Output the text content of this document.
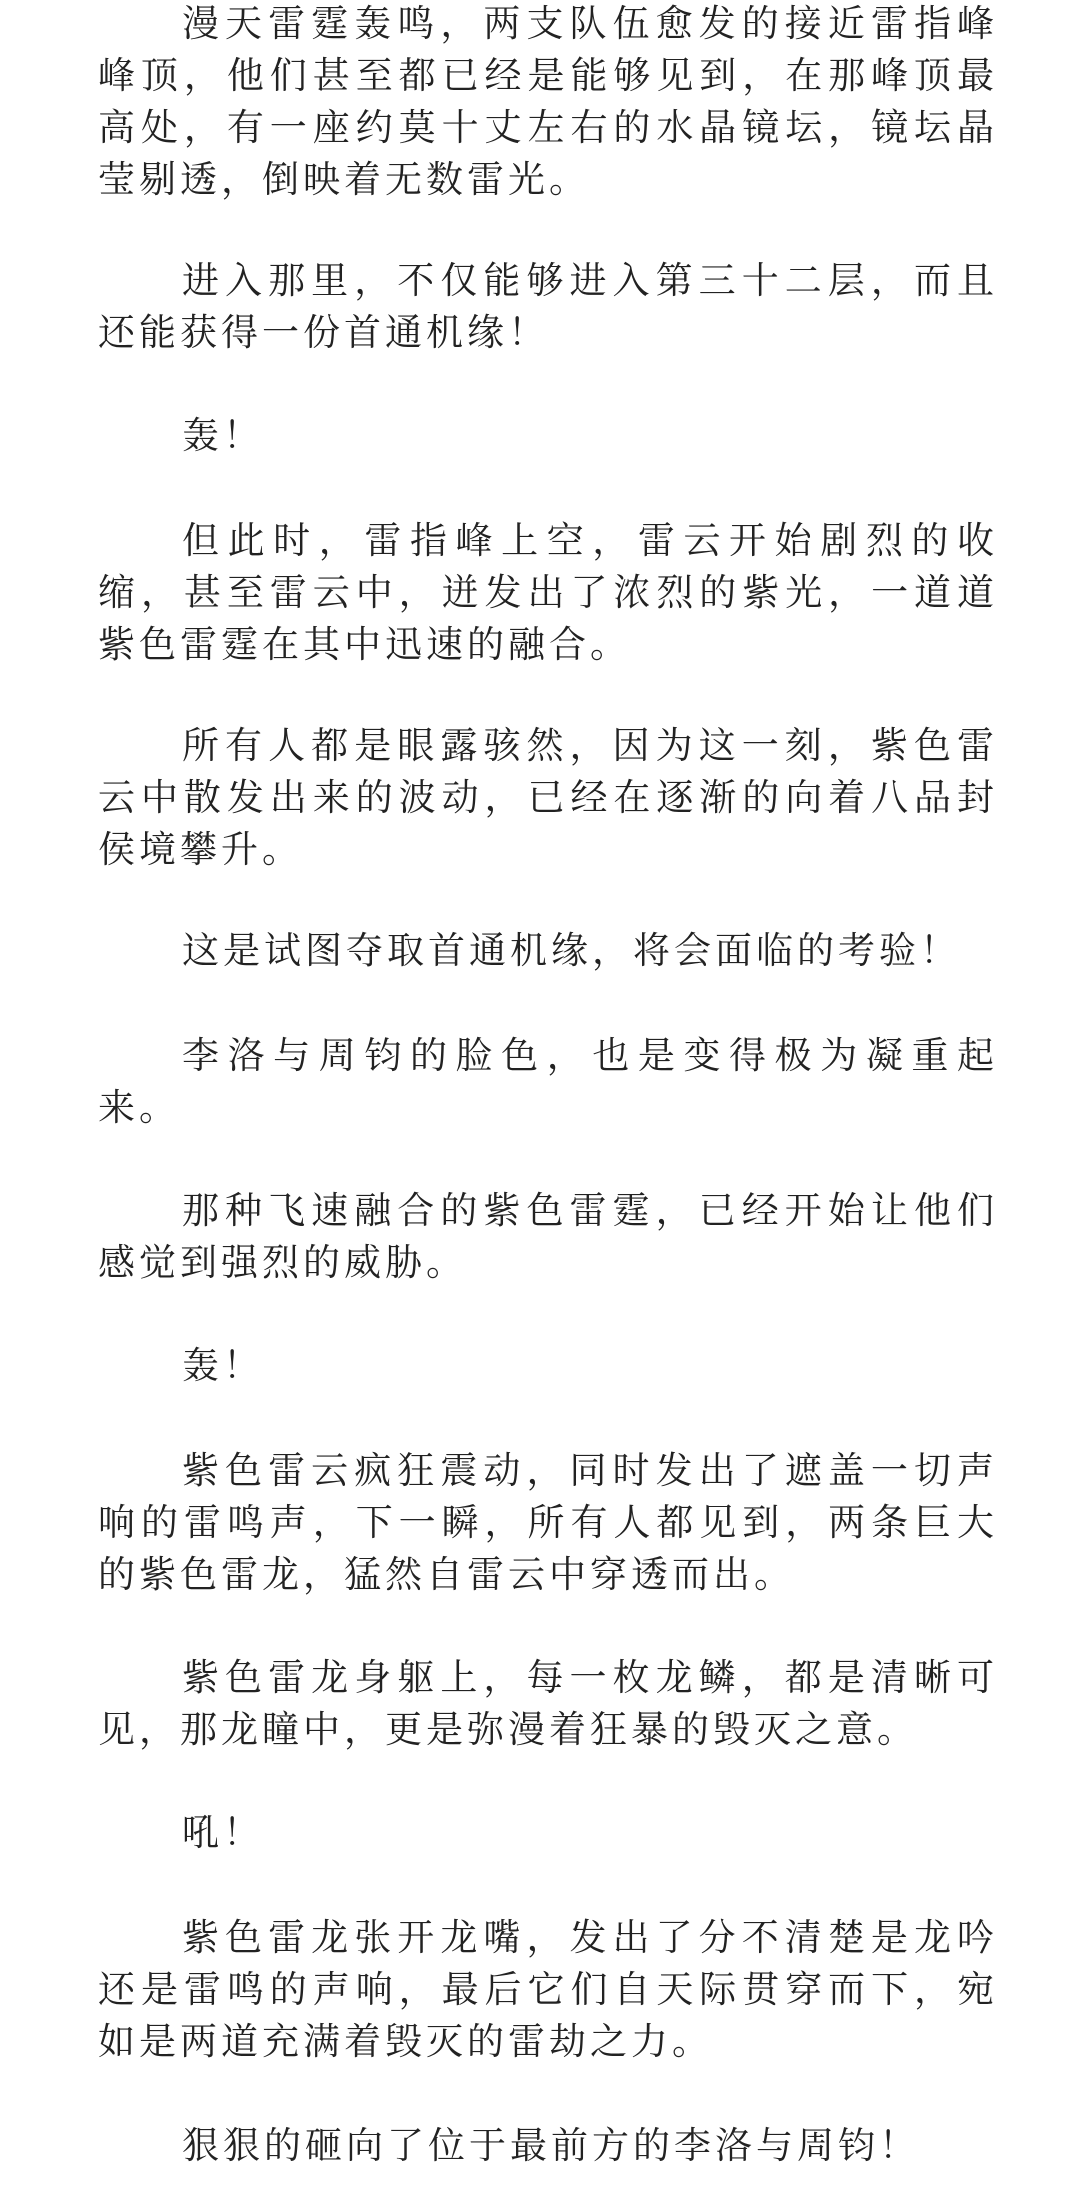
漫天雷霆轰鸣，两支队伍愈发的接近雷指峰峰顶，他们甚至都已经是能够见到，在那峰顶最高处，有一座约莫十丈左右的水晶镜坛，镜坛晶莹剔透，倒映着无数雷光。

进入那里，不仅能够进入第三十二层，而且还能获得一份首通机缘！

轰！

但此时，雷指峰上空，雷云开始剧烈的收缩，甚至雷云中，迸发出了浓烈的紫光，一道道紫色雷霆在其中迅速的融合。

所有人都是眼露骇然，因为这一刻，紫色雷云中散发出来的波动，已经在逐渐的向着八品封侯境攀升。

这是试图夺取首通机缘，将会面临的考验！

李洛与周钧的脸色，也是变得极为凝重起来。

那种飞速融合的紫色雷霆，已经开始让他们感觉到强烈的威胁。

轰！

紫色雷云疯狂震动，同时发出了遮盖一切声响的雷鸣声，下一瞬，所有人都见到，两条巨大的紫色雷龙，猛然自雷云中穿透而出。

紫色雷龙身躯上，每一枚龙鳞，都是清晰可见，那龙瞳中，更是弥漫着狂暴的毁灭之意。

吼！

紫色雷龙张开龙嘴，发出了分不清楚是龙吟还是雷鸣的声响，最后它们自天际贯穿而下，宛如是两道充满着毁灭的雷劫之力。

狠狠的砸向了位于最前方的李洛与周钧！
